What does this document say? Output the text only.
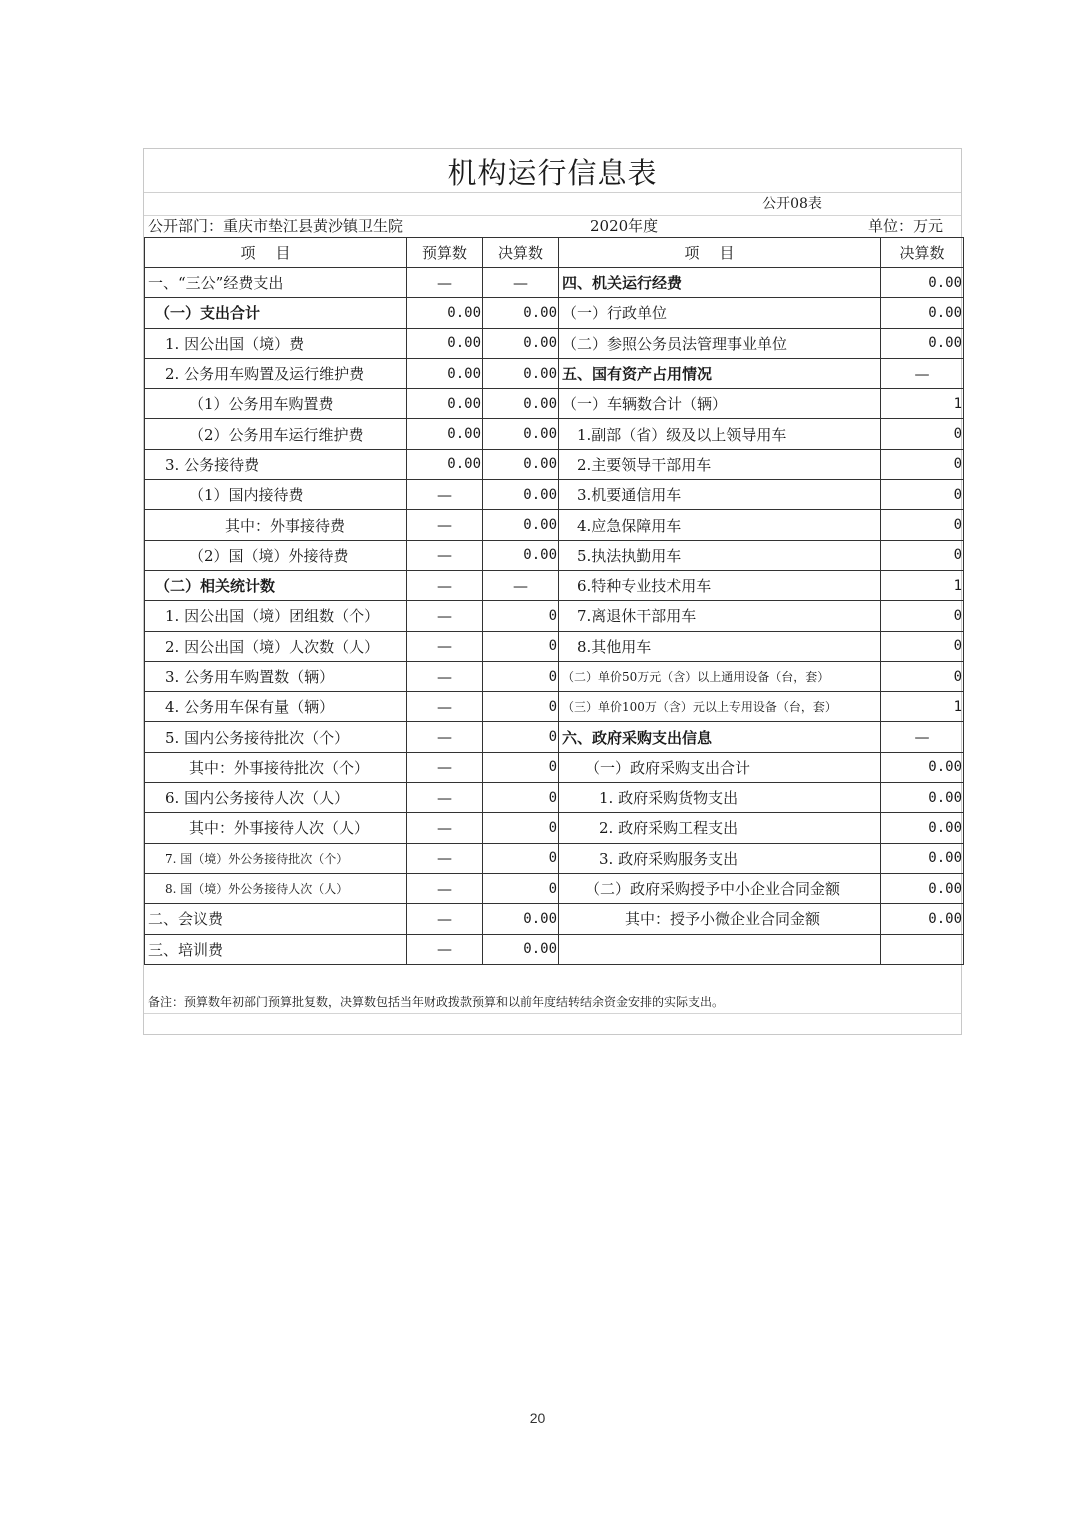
机构运行信息表
公开08表
公开部门：重庆市垫江县黄沙镇卫生院	2020年度	单位：万元
项目	预算数	决算数	项目	决算数
一、“三公”经费支出	—	—	四、机关运行经费	0.00
（一）支出合计	0.00	0.00	（一）行政单位	0.00
1. 因公出国（境）费	0.00	0.00	（二）参照公务员法管理事业单位	0.00
2. 公务用车购置及运行维护费	0.00	0.00	五、国有资产占用情况	—
（1）公务用车购置费	0.00	0.00	（一）车辆数合计（辆）	1
（2）公务用车运行维护费	0.00	0.00	1.副部（省）级及以上领导用车	0
3. 公务接待费	0.00	0.00	2.主要领导干部用车	0
（1）国内接待费	—	0.00	3.机要通信用车	0
其中：外事接待费	—	0.00	4.应急保障用车	0
（2）国（境）外接待费	—	0.00	5.执法执勤用车	0
（二）相关统计数	—	—	6.特种专业技术用车	1
1. 因公出国（境）团组数（个）	—	0	7.离退休干部用车	0
2. 因公出国（境）人次数（人）	—	0	8.其他用车	0
3. 公务用车购置数（辆）	—	0	（二）单价50万元（含）以上通用设备（台，套）	0
4. 公务用车保有量（辆）	—	0	（三）单价100万（含）元以上专用设备（台，套）	1
5. 国内公务接待批次（个）	—	0	六、政府采购支出信息	—
其中：外事接待批次（个）	—	0	（一）政府采购支出合计	0.00
6. 国内公务接待人次（人）	—	0	1. 政府采购货物支出	0.00
其中：外事接待人次（人）	—	0	2. 政府采购工程支出	0.00
7. 国（境）外公务接待批次（个）	—	0	3. 政府采购服务支出	0.00
8. 国（境）外公务接待人次（人）	—	0	（二）政府采购授予中小企业合同金额	0.00
二、会议费	—	0.00	其中：授予小微企业合同金额	0.00
三、培训费	—	0.00		
备注：预算数年初部门预算批复数，决算数包括当年财政拨款预算和以前年度结转结余资金安排的实际支出。
20
